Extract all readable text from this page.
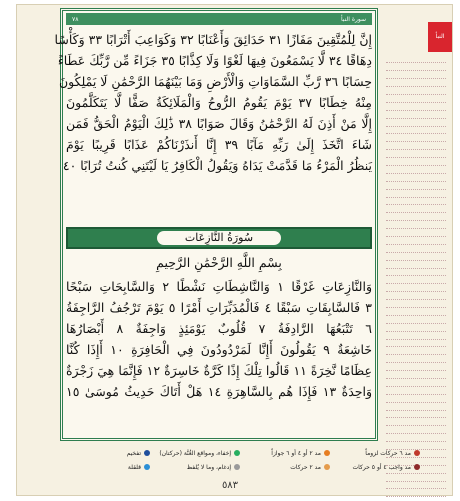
٧٨	سورة النبأ
إِنَّ لِلْمُتَّقِينَ مَفَازًا ٣١ حَدَائِقَ وَأَعْنَابًا ٣٢ وَكَوَاعِبَ أَتْرَابًا ٣٣ وَكَأْسًا
دِهَاقًا ٣٤ لَّا يَسْمَعُونَ فِيهَا لَغْوًا وَلَا كِذَّابًا ٣٥ جَزَاءً مِّن رَّبِّكَ عَطَاءً
حِسَابًا ٣٦ رَّبِّ السَّمَاوَاتِ وَالْأَرْضِ وَمَا بَيْنَهُمَا الرَّحْمَٰنِ لَا يَمْلِكُونَ
مِنْهُ خِطَابًا ٣٧ يَوْمَ يَقُومُ الرُّوحُ وَالْمَلَائِكَةُ صَفًّا لَّا يَتَكَلَّمُونَ
إِلَّا مَنْ أَذِنَ لَهُ الرَّحْمَٰنُ وَقَالَ صَوَابًا ٣٨ ذَٰلِكَ الْيَوْمُ الْحَقُّ فَمَن
شَاءَ اتَّخَذَ إِلَىٰ رَبِّهِ مَآبًا ٣٩ إِنَّا أَنذَرْنَاكُمْ عَذَابًا قَرِيبًا يَوْمَ
يَنظُرُ الْمَرْءُ مَا قَدَّمَتْ يَدَاهُ وَيَقُولُ الْكَافِرُ يَا لَيْتَنِي كُنتُ تُرَابًا ٤٠
سُورَةُ النَّازِعَات
بِسْمِ اللَّهِ الرَّحْمَٰنِ الرَّحِيمِ
وَالنَّازِعَاتِ غَرْقًا ١ وَالنَّاشِطَاتِ نَشْطًا ٢ وَالسَّابِحَاتِ سَبْحًا
٣ فَالسَّابِقَاتِ سَبْقًا ٤ فَالْمُدَبِّرَاتِ أَمْرًا ٥ يَوْمَ تَرْجُفُ الرَّاجِفَةُ
٦ تَتْبَعُهَا الرَّادِفَةُ ٧ قُلُوبٌ يَوْمَئِذٍ وَاجِفَةٌ ٨ أَبْصَارُهَا
خَاشِعَةٌ ٩ يَقُولُونَ أَإِنَّا لَمَرْدُودُونَ فِي الْحَافِرَةِ ١٠ أَإِذَا كُنَّا
عِظَامًا نَّخِرَةً ١١ قَالُوا تِلْكَ إِذًا كَرَّةٌ خَاسِرَةٌ ١٢ فَإِنَّمَا هِيَ زَجْرَةٌ
وَاحِدَةٌ ١٣ فَإِذَا هُم بِالسَّاهِرَةِ ١٤ هَلْ أَتَاكَ حَدِيثُ مُوسَىٰ ١٥
النبأ
مد ٦ حركات لزوماً
مد ٢ أو ٤ أو ٦ جوازاً
إخفاء، ومواقع الغُنَّة (حركتان)
تفخيم
مد واجب ٤ أو ٥ حركات
مد ٢ حركات
إدغام، وما لا يُلفظ
قلقلة
٥٨٣
